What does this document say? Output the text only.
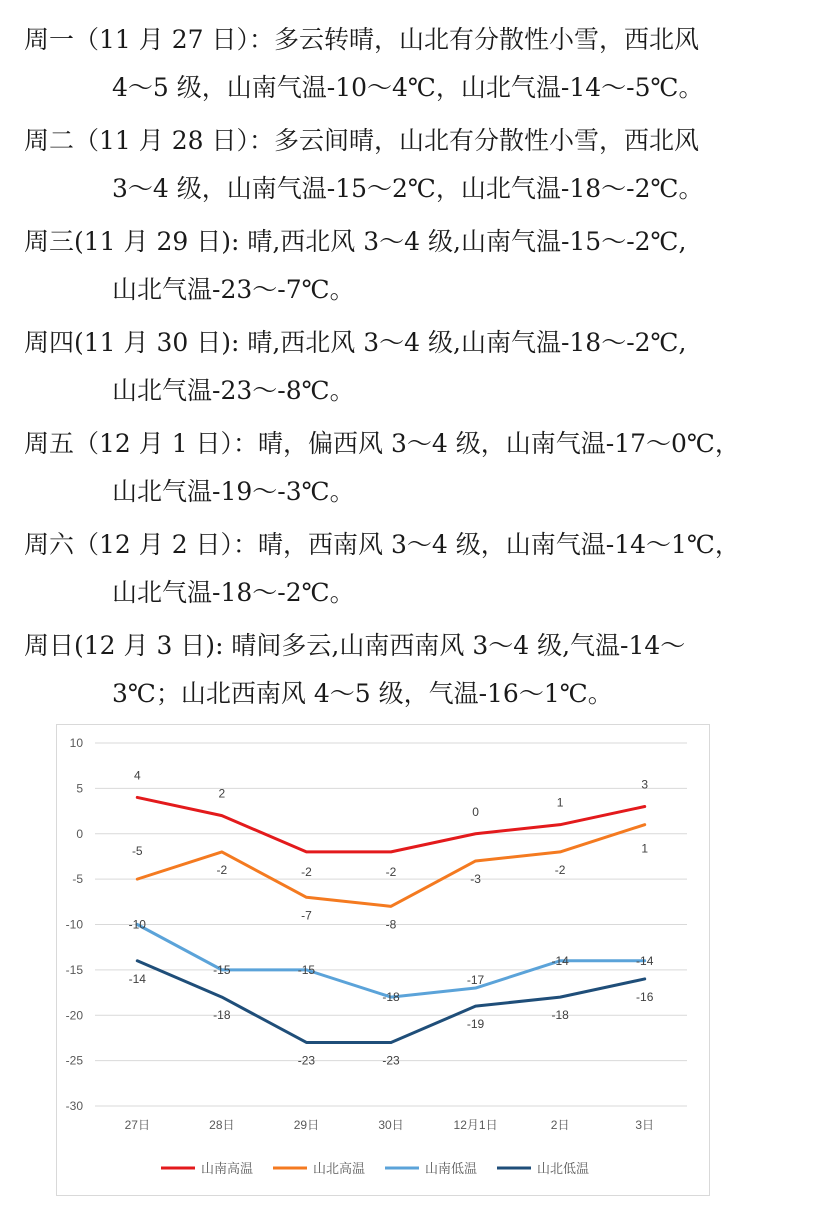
周一（11 月 27 日）：多云转晴，山北有分散性小雪，西北风
4～5 级，山南气温-10～4℃，山北气温-14～-5℃。
周二（11 月 28 日）：多云间晴，山北有分散性小雪，西北风
3～4 级，山南气温-15～2℃，山北气温-18～-2℃。
周三(11 月 29 日): 晴,西北风 3～4 级,山南气温-15～-2℃,
山北气温-23～-7℃。
周四(11 月 30 日): 晴,西北风 3～4 级,山南气温-18～-2℃,
山北气温-23～-8℃。
周五（12 月 1 日）：晴，偏西风 3～4 级，山南气温-17～0℃，
山北气温-19～-3℃。
周六（12 月 2 日）：晴，西南风 3～4 级，山南气温-14～1℃，
山北气温-18～-2℃。
周日(12 月 3 日): 晴间多云,山南西南风 3～4 级,气温-14～
3℃；山北西南风 4～5 级，气温-16～1℃。
10
5
0
-5
-10
-15
-20
-25
-30
27日	28日	29日	30日	12月1日	2日	3日
4
2
-2	-2
0
1
3
-5
-2
-7
-8
-3
-2
1
-10
-15	-15
-18
-17
-14	-14
-14
-18
-23	-23
-19
-18
-16
山南高温	山北高温	山南低温	山北低温
